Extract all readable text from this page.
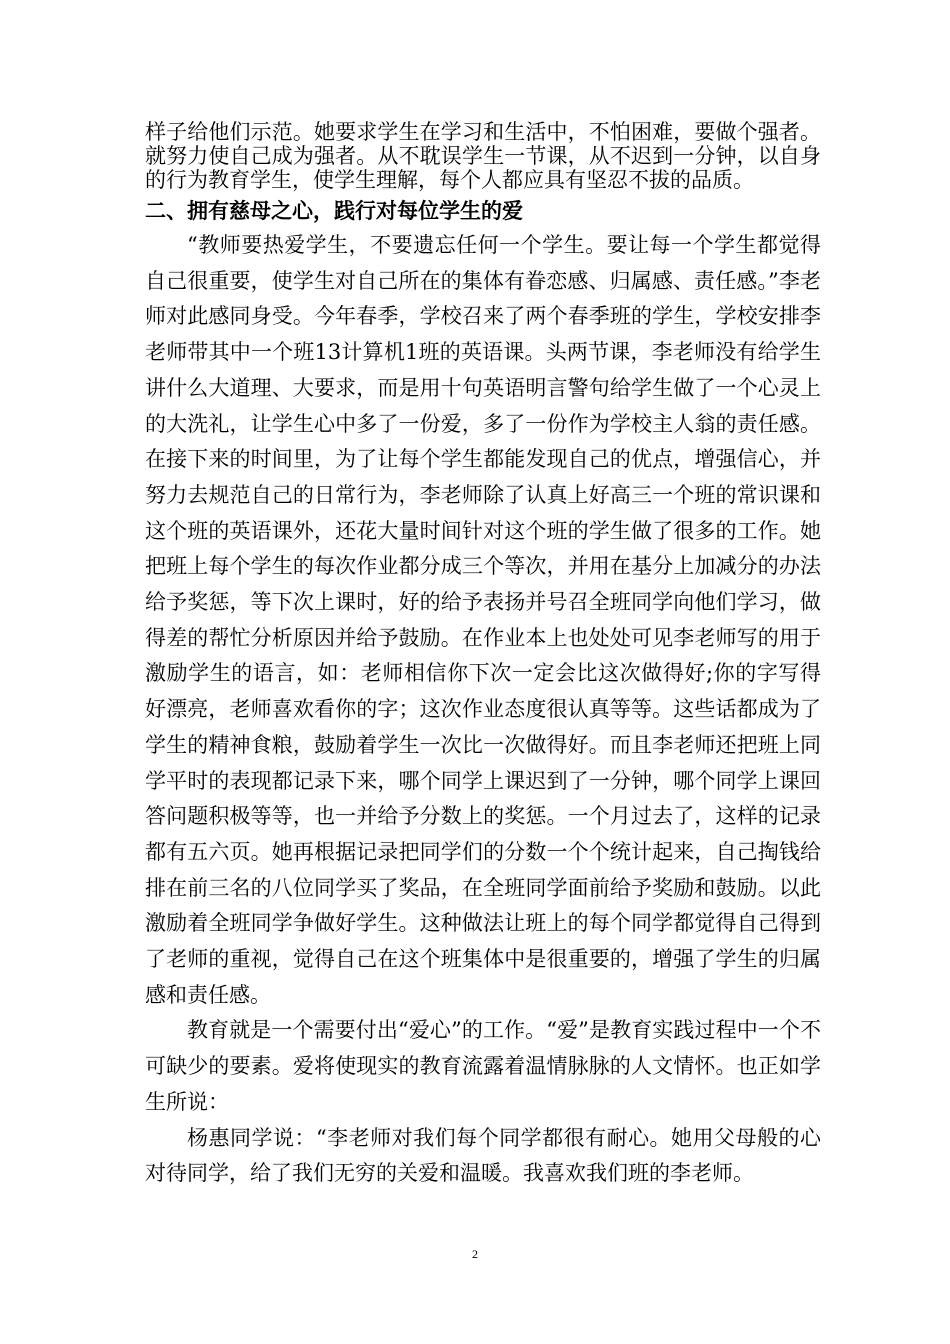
样子给他们示范。她要求学生在学习和生活中，不怕困难，要做个强者。就努力使自己成为强者。从不耽误学生一节课，从不迟到一分钟，以自身的行为教育学生，使学生理解，每个人都应具有坚忍不拔的品质。

二、拥有慈母之心，践行对每位学生的爱

“教师要热爱学生，不要遗忘任何一个学生。要让每一个学生都觉得自己很重要，使学生对自己所在的集体有眷恋感、归属感、责任感。”李老师对此感同身受。今年春季，学校召来了两个春季班的学生，学校安排李老师带其中一个班13计算机1班的英语课。头两节课，李老师没有给学生讲什么大道理、大要求，而是用十句英语明言警句给学生做了一个心灵上的大洗礼，让学生心中多了一份爱，多了一份作为学校主人翁的责任感。在接下来的时间里，为了让每个学生都能发现自己的优点，增强信心，并努力去规范自己的日常行为，李老师除了认真上好高三一个班的常识课和这个班的英语课外，还花大量时间针对这个班的学生做了很多的工作。她把班上每个学生的每次作业都分成三个等次，并用在基分上加减分的办法给予奖惩，等下次上课时，好的给予表扬并号召全班同学向他们学习，做得差的帮忙分析原因并给予鼓励。在作业本上也处处可见李老师写的用于激励学生的语言，如：老师相信你下次一定会比这次做得好;你的字写得好漂亮，老师喜欢看你的字；这次作业态度很认真等等。这些话都成为了学生的精神食粮，鼓励着学生一次比一次做得好。而且李老师还把班上同学平时的表现都记录下来，哪个同学上课迟到了一分钟，哪个同学上课回答问题积极等等，也一并给予分数上的奖惩。一个月过去了，这样的记录都有五六页。她再根据记录把同学们的分数一个个统计起来，自己掏钱给排在前三名的八位同学买了奖品，在全班同学面前给予奖励和鼓励。以此激励着全班同学争做好学生。这种做法让班上的每个同学都觉得自己得到了老师的重视，觉得自己在这个班集体中是很重要的，增强了学生的归属感和责任感。

教育就是一个需要付出“爱心”的工作。“爱”是教育实践过程中一个不可缺少的要素。爱将使现实的教育流露着温情脉脉的人文情怀。也正如学生所说：

杨惠同学说：“李老师对我们每个同学都很有耐心。她用父母般的心对待同学，给了我们无穷的关爱和温暖。我喜欢我们班的李老师。

2
